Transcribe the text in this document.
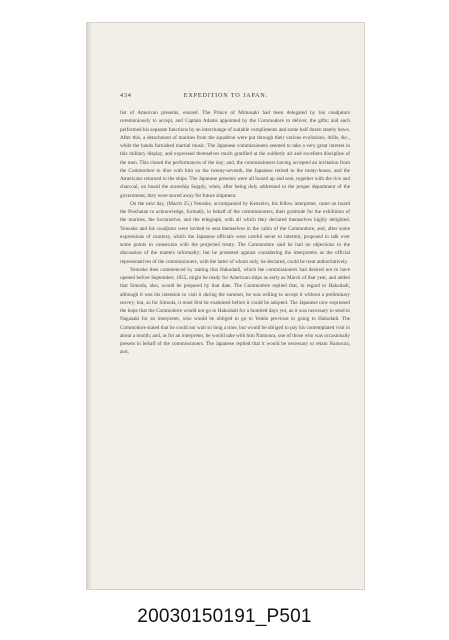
434	EXPEDITION TO JAPAN.

list of American presents, ensued. The Prince of Mimasaki had been delegated by his coadjutors ceremoniously to accept, and Captain Adams appointed by the Commodore to deliver, the gifts; and each performed his separate functions by an interchange of suitable compliments and some half dozen stately bows. After this, a detachment of marines from the squadron were put through their various evolutions, drills, &c., while the bands furnished martial music. The Japanese commissioners seemed to take a very great interest in this military display, and expressed themselves much gratified at the soldierly air and excellent discipline of the men. This closed the performances of the day; and, the commissioners having accepted an invitation from the Commodore to dine with him on the twenty-seventh, the Japanese retired to the treaty-house, and the Americans returned to the ships. The Japanese presents were all boxed up and sent, together with the rice and charcoal, on board the storeship Supply, when, after being duly addressed to the proper department of the government, they were stored away for future shipment.

On the next day, (March 25,) Yenoske, accompanied by Kenzeiro, his fellow interpreter, came on board the Powhatan to acknowledge, formally, in behalf of the commissioners, their gratitude for the exhibition of the marines, the locomotive, and the telegraph, with all which they declared themselves highly delighted. Yenoske and his coadjutor were invited to seat themselves in the cabin of the Commodore, and, after some expressions of courtesy, which the Japanese officials were careful never to intermit, proposed to talk over some points in connexion with the projected treaty. The Commodore said he had no objections to the discussion of the matters informally; but he protested against considering the interpreters as the official representatives of the commissioners, with the latter of whom only, he declared, could he treat authoritatively.

Yenoske then commenced by stating that Hakodadi, which the commissioners had desired not to have opened before September, 1855, might be ready for American ships as early as March of that year, and added that Simoda, also, would be prepared by that date. The Commodore replied that, in regard to Hakodadi, although it was his intention to visit it during the summer, he was willing to accept it without a preliminary survey; but, as for Simoda, it must first be examined before it could be adopted. The Japanese now expressed the hope that the Commodore would not go to Hakodadi for a hundred days yet, as it was necessary to send to Nagasaki for an interpreter, who would be obliged to go to Yeddo previous to going to Hakodadi. The Commodore stated that he could not wait so long a time, but would be obliged to pay his contemplated visit in about a month; and, as for an interpreter, he would take with him Namoura, one of those who was occasionally present in behalf of the commissioners. The Japanese replied that it would be necessary to retain Namoura, and,

20030150191_P501
